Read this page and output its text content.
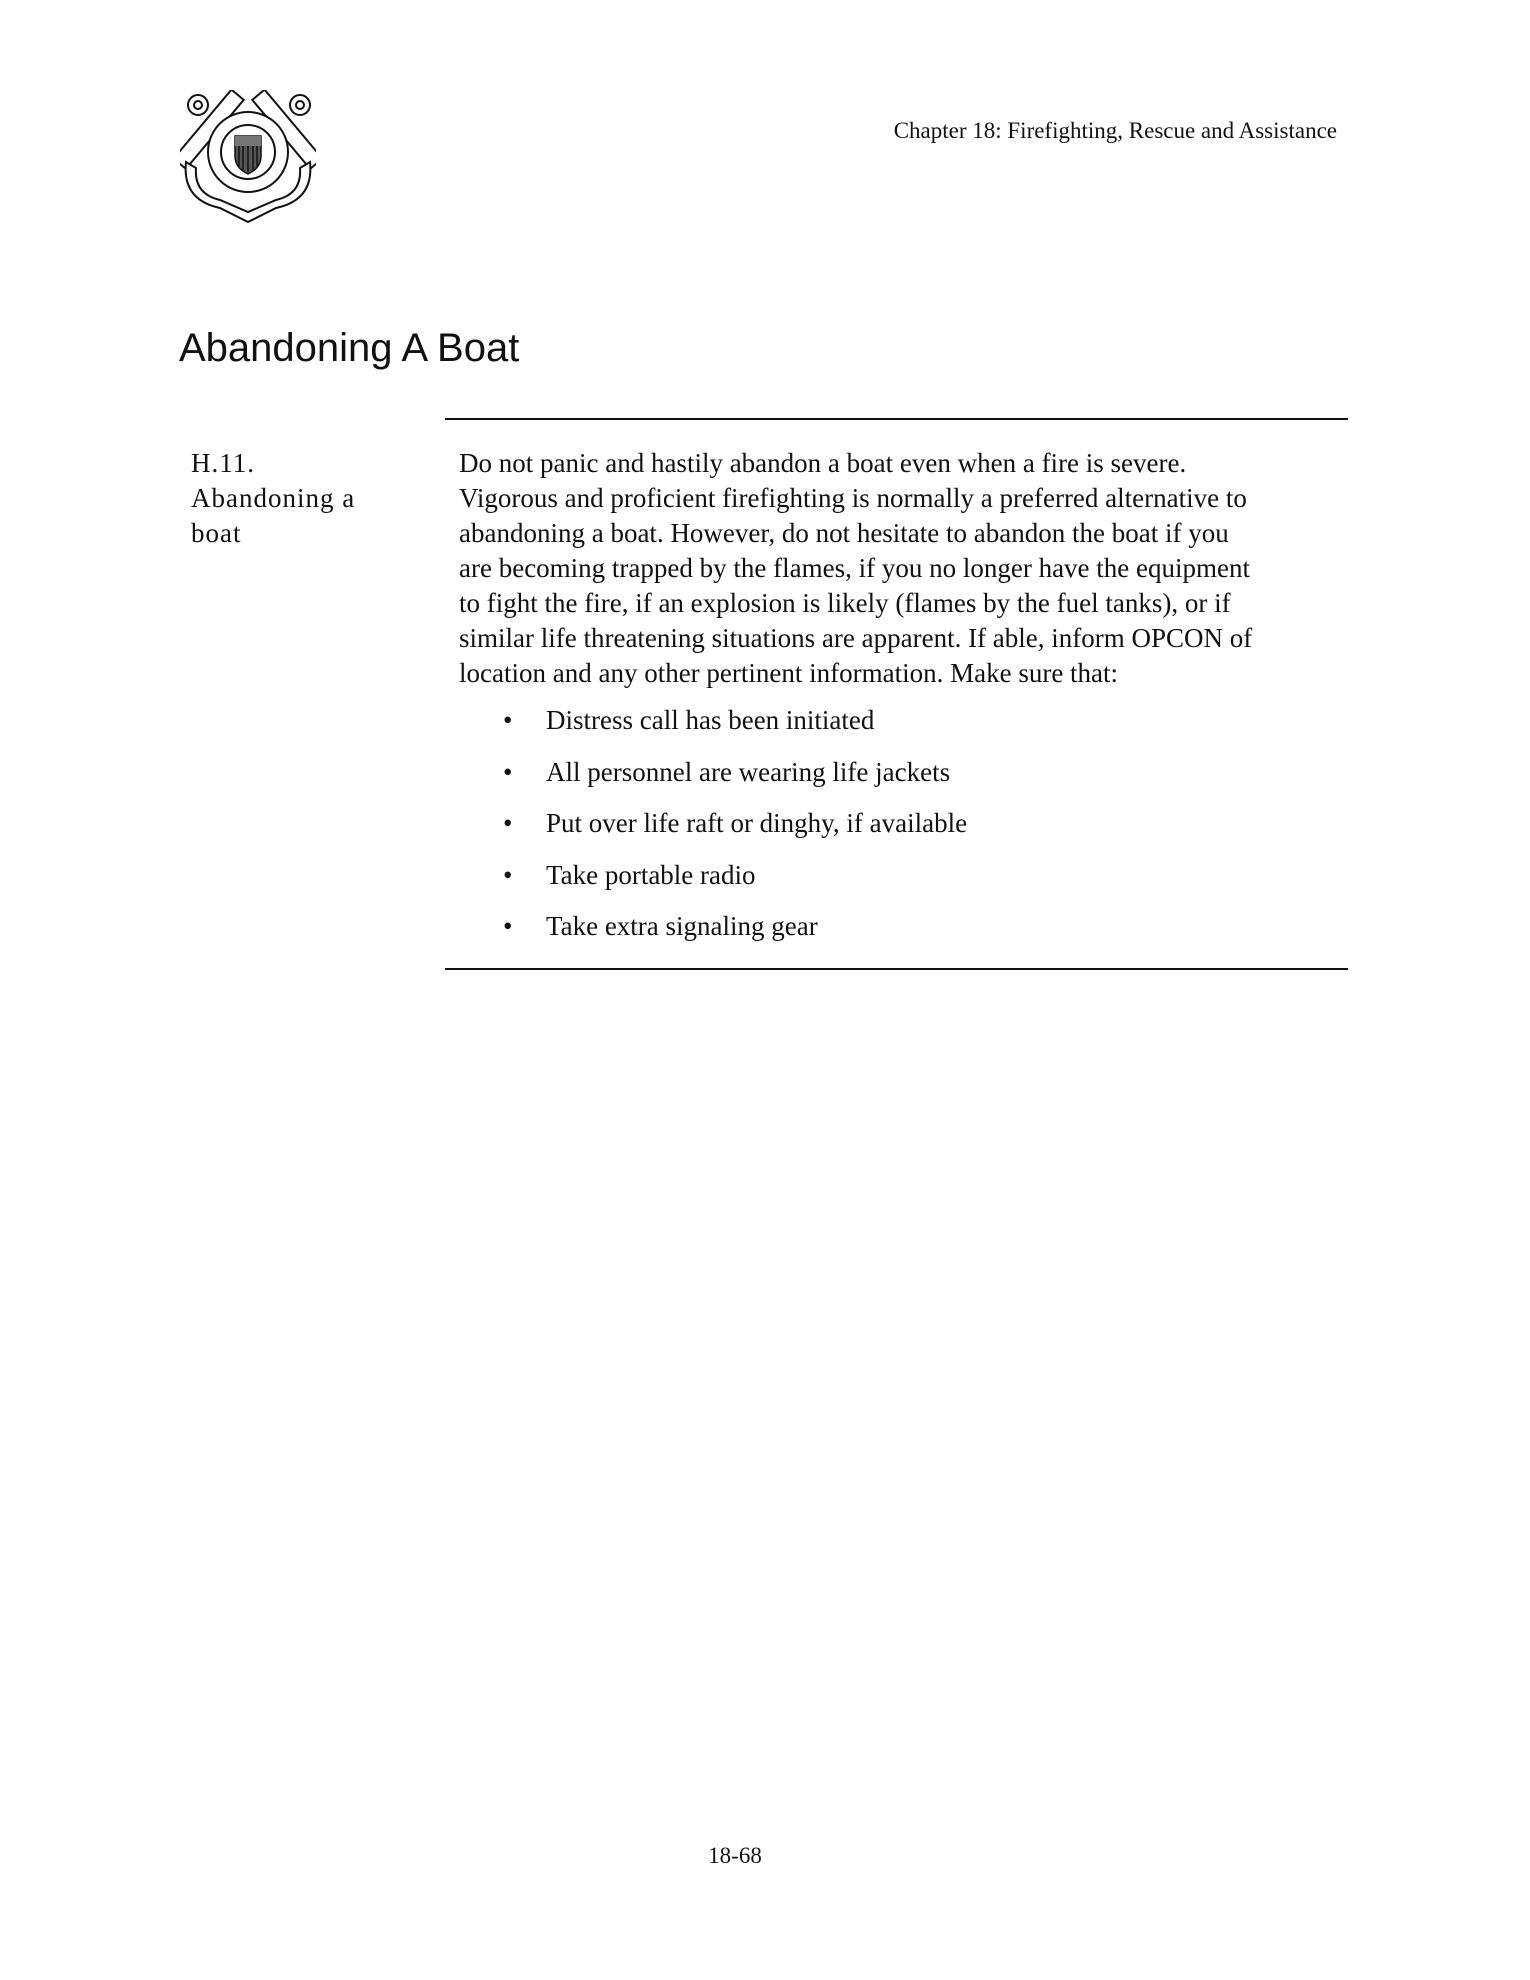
Chapter 18: Firefighting, Rescue and Assistance
Abandoning A Boat
H.11.
Abandoning a
boat
Do not panic and hastily abandon a boat even when a fire is severe.
Vigorous and proficient firefighting is normally a preferred alternative to
abandoning a boat. However, do not hesitate to abandon the boat if you
are becoming trapped by the flames, if you no longer have the equipment
to fight the fire, if an explosion is likely (flames by the fuel tanks), or if
similar life threatening situations are apparent. If able, inform OPCON of
location and any other pertinent information. Make sure that:
• Distress call has been initiated
• All personnel are wearing life jackets
• Put over life raft or dinghy, if available
• Take portable radio
• Take extra signaling gear
18-68
